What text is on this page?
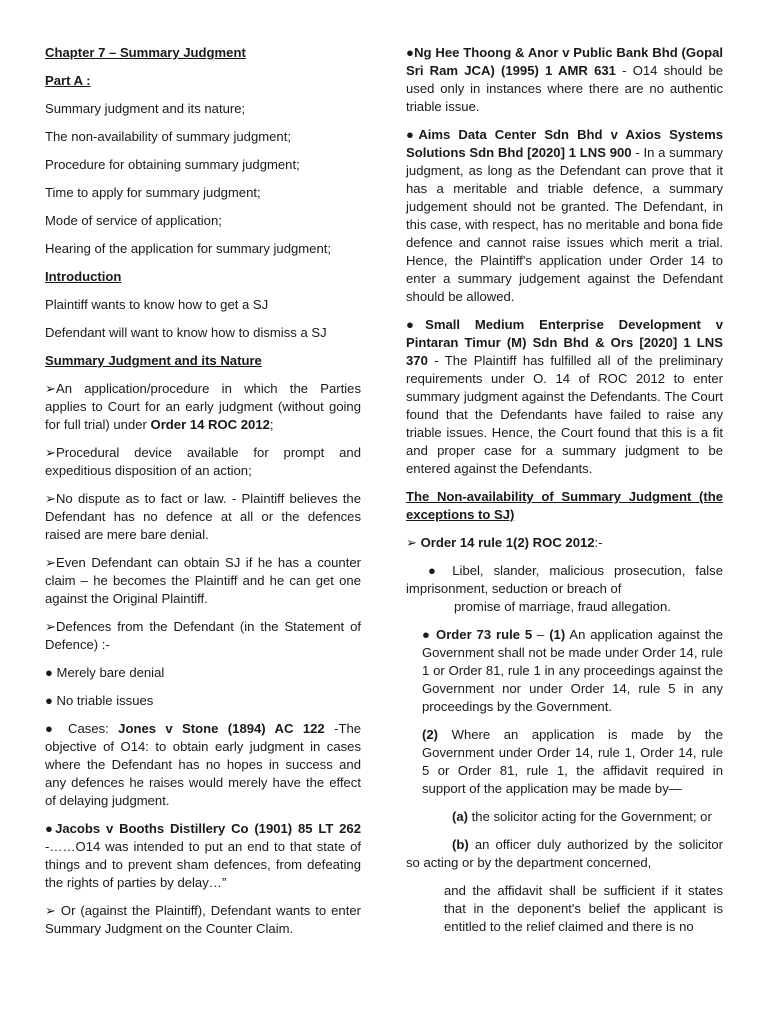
Chapter 7 – Summary Judgment

Part A :

Summary judgment and its nature;

The non-availability of summary judgment;

Procedure for obtaining summary judgment;

Time to apply for summary judgment;

Mode of service of application;

Hearing of the application for summary judgment;

Introduction

Plaintiff wants to know how to get a SJ

Defendant will want to know how to dismiss a SJ

Summary Judgment and its Nature

➢An application/procedure in which the Parties applies to Court for an early judgment (without going for full trial) under Order 14 ROC 2012;

➢Procedural device available for prompt and expeditious disposition of an action;

➢No dispute as to fact or law. - Plaintiff believes the Defendant has no defence at all or the defences raised are mere bare denial.

➢Even Defendant can obtain SJ if he has a counter claim – he becomes the Plaintiff and he can get one against the Original Plaintiff.

➢Defences from the Defendant (in the Statement of Defence) :-

● Merely bare denial

● No triable issues

● Cases: Jones v Stone (1894) AC 122 -The objective of O14: to obtain early judgment in cases where the Defendant has no hopes in success and any defences he raises would merely have the effect of delaying judgment.

●Jacobs v Booths Distillery Co (1901) 85 LT 262 -……O14 was intended to put an end to that state of things and to prevent sham defences, from defeating the rights of parties by delay…”

➢ Or (against the Plaintiff), Defendant wants to enter Summary Judgment on the Counter Claim.

●Ng Hee Thoong & Anor v Public Bank Bhd (Gopal Sri Ram JCA) (1995) 1 AMR 631 - O14 should be used only in instances where there are no authentic triable issue.

●Aims Data Center Sdn Bhd v Axios Systems Solutions Sdn Bhd [2020] 1 LNS 900 - In a summary judgment, as long as the Defendant can prove that it has a meritable and triable defence, a summary judgement should not be granted. The Defendant, in this case, with respect, has no meritable and bona fide defence and cannot raise issues which merit a trial. Hence, the Plaintiff's application under Order 14 to enter a summary judgement against the Defendant should be allowed.

●Small Medium Enterprise Development v Pintaran Timur (M) Sdn Bhd & Ors [2020] 1 LNS 370 - The Plaintiff has fulfilled all of the preliminary requirements under O. 14 of ROC 2012 to enter summary judgment against the Defendants. The Court found that the Defendants have failed to raise any triable issues. Hence, the Court found that this is a fit and proper case for a summary judgment to be entered against the Defendants.

The Non-availability of Summary Judgment (the exceptions to SJ)

➢ Order 14 rule 1(2) ROC 2012:-

● Libel, slander, malicious prosecution, false imprisonment, seduction or breach of
promise of marriage, fraud allegation.

● Order 73 rule 5 – (1) An application against the Government shall not be made under Order 14, rule 1 or Order 81, rule 1 in any proceedings against the Government nor under Order 14, rule 5 in any proceedings by the Government.

(2) Where an application is made by the Government under Order 14, rule 1, Order 14, rule 5 or Order 81, rule 1, the affidavit required in support of the application may be made by—

(a) the solicitor acting for the Government; or

(b) an officer duly authorized by the solicitor so acting or by the department concerned,

and the affidavit shall be sufficient if it states that in the deponent's belief the applicant is entitled to the relief claimed and there is no
